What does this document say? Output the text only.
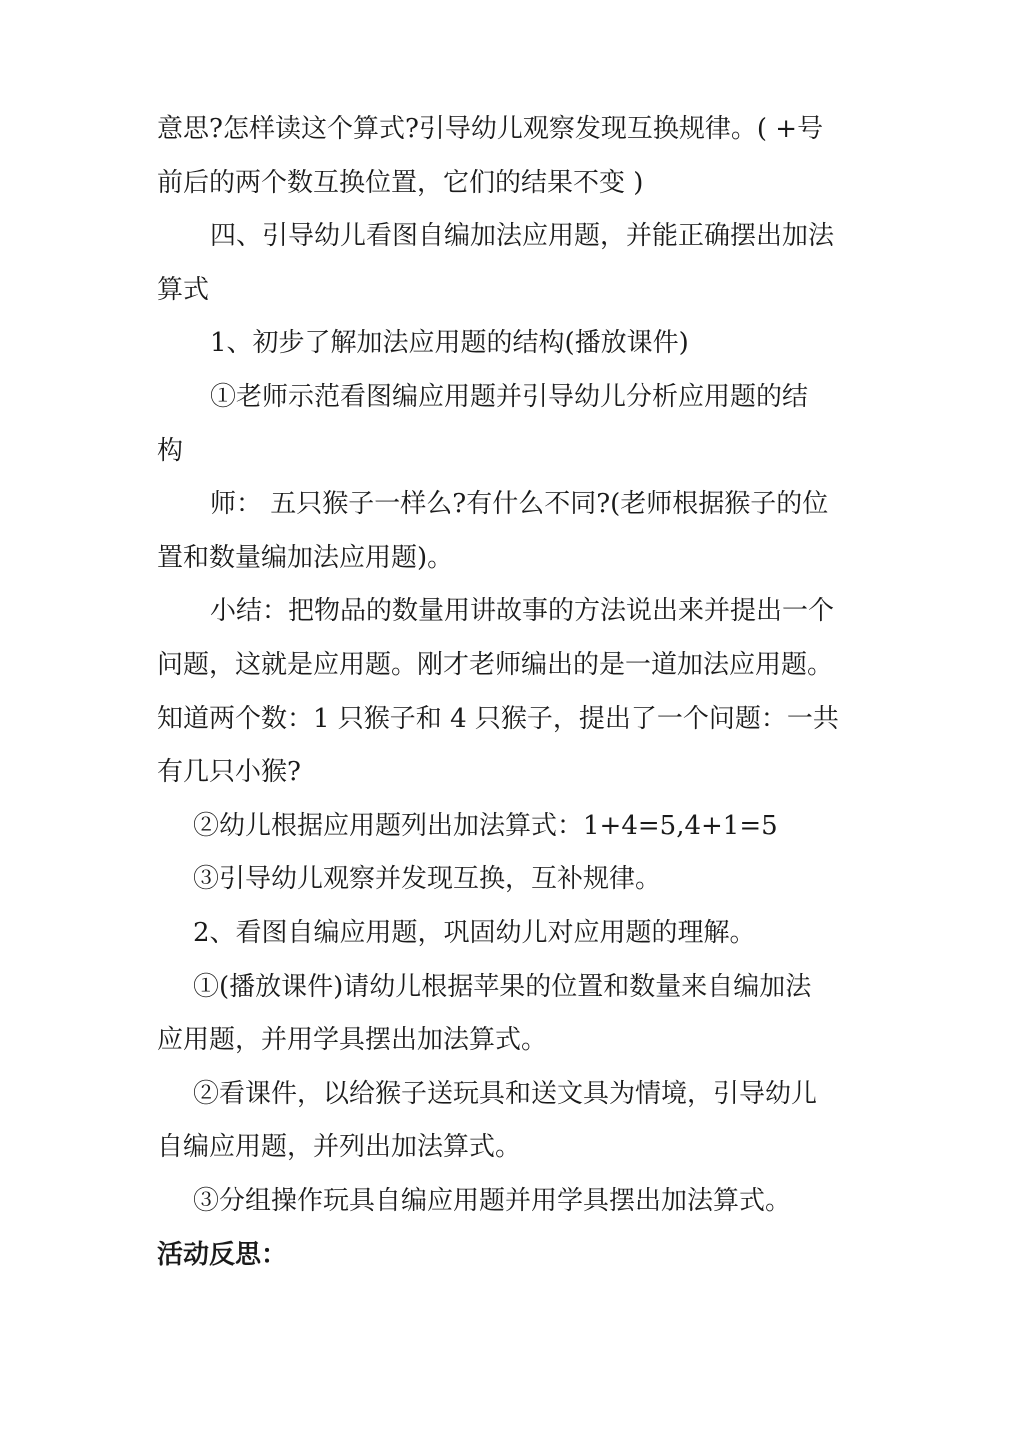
意思?怎样读这个算式?引导幼儿观察发现互换规律。( +号

前后的两个数互换位置，它们的结果不变 )

四、引导幼儿看图自编加法应用题，并能正确摆出加法

算式

1、初步了解加法应用题的结构(播放课件)

①老师示范看图编应用题并引导幼儿分析应用题的结

构

师： 五只猴子一样么?有什么不同?(老师根据猴子的位

置和数量编加法应用题)。

小结：把物品的数量用讲故事的方法说出来并提出一个

问题，这就是应用题。刚才老师编出的是一道加法应用题。

知道两个数：1 只猴子和 4 只猴子，提出了一个问题：一共

有几只小猴?

②幼儿根据应用题列出加法算式：1+4=5,4+1=5

③引导幼儿观察并发现互换，互补规律。

2、看图自编应用题，巩固幼儿对应用题的理解。

①(播放课件)请幼儿根据苹果的位置和数量来自编加法

应用题，并用学具摆出加法算式。

②看课件，以给猴子送玩具和送文具为情境，引导幼儿

自编应用题，并列出加法算式。

③分组操作玩具自编应用题并用学具摆出加法算式。

活动反思：
